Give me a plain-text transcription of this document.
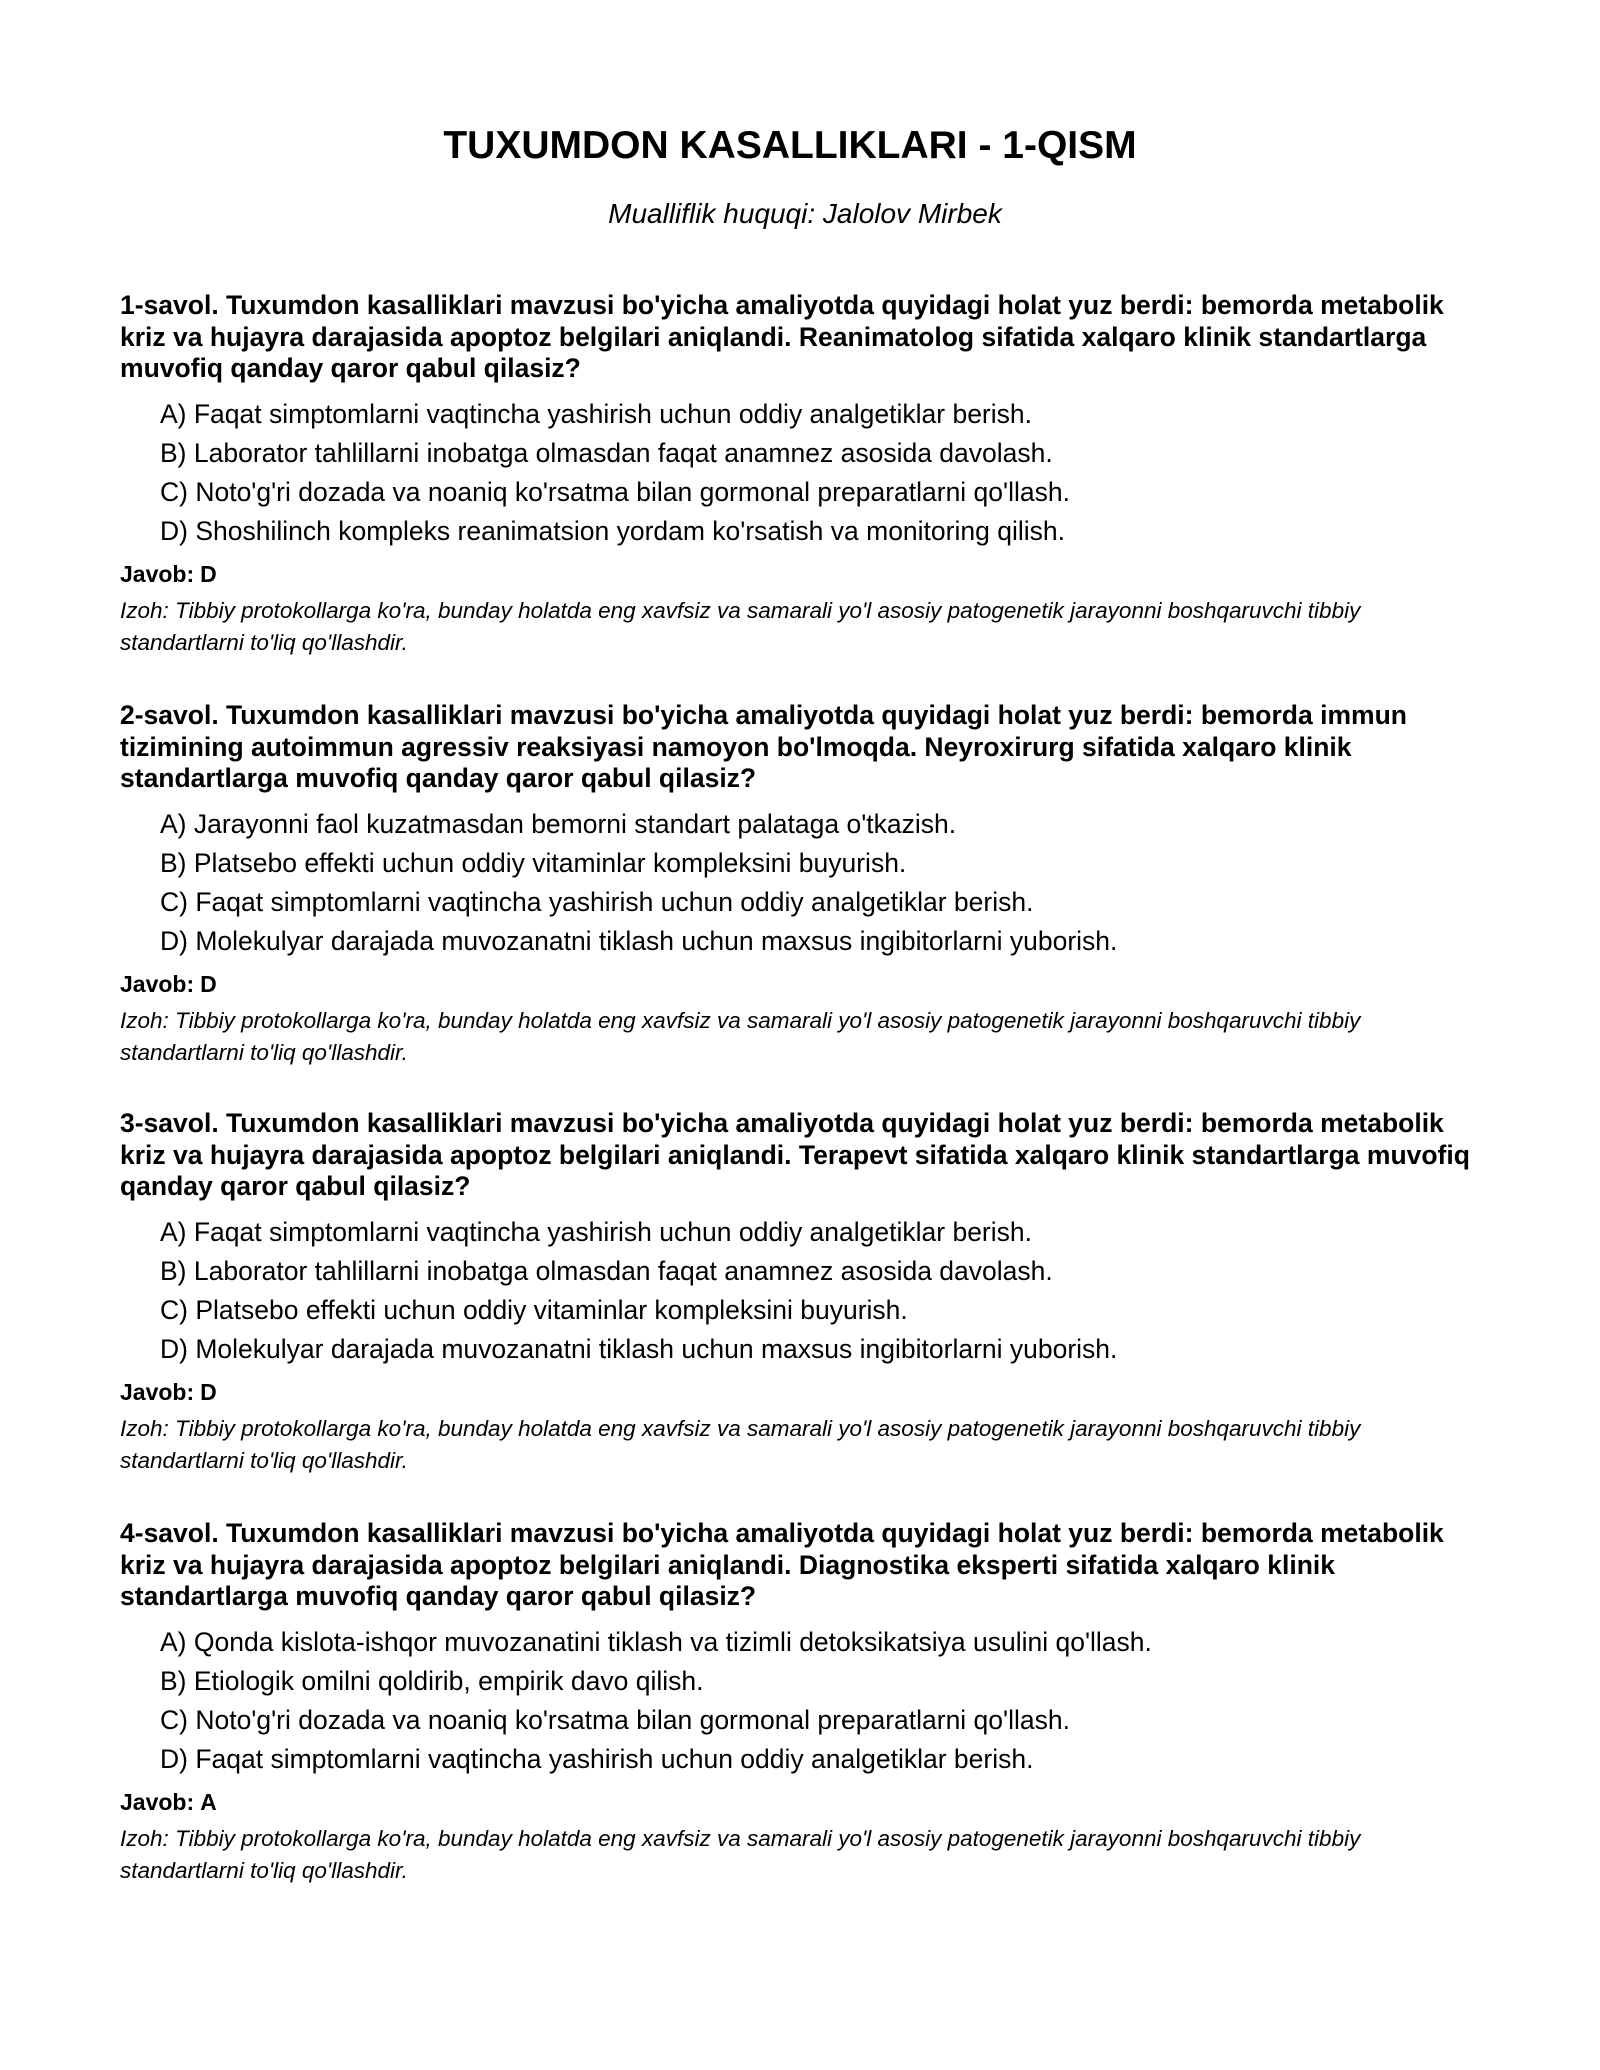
TUXUMDON KASALLIKLARI - 1-QISM
Mualliflik huquqi: Jalolov Mirbek

1-savol. Tuxumdon kasalliklari mavzusi bo'yicha amaliyotda quyidagi holat yuz berdi: bemorda metabolik kriz va hujayra darajasida apoptoz belgilari aniqlandi. Reanimatolog sifatida xalqaro klinik standartlarga muvofiq qanday qaror qabul qilasiz?

A) Faqat simptomlarni vaqtincha yashirish uchun oddiy analgetiklar berish.
B) Laborator tahlillarni inobatga olmasdan faqat anamnez asosida davolash.
C) Noto'g'ri dozada va noaniq ko'rsatma bilan gormonal preparatlarni qo'llash.
D) Shoshilinch kompleks reanimatsion yordam ko'rsatish va monitoring qilish.
Javob: D
Izoh: Tibbiy protokollarga ko'ra, bunday holatda eng xavfsiz va samarali yo'l asosiy patogenetik jarayonni boshqaruvchi tibbiy standartlarni to'liq qo'llashdir.

2-savol. Tuxumdon kasalliklari mavzusi bo'yicha amaliyotda quyidagi holat yuz berdi: bemorda immun tizimining autoimmun agressiv reaksiyasi namoyon bo'lmoqda. Neyroxirurg sifatida xalqaro klinik standartlarga muvofiq qanday qaror qabul qilasiz?

A) Jarayonni faol kuzatmasdan bemorni standart palataga o'tkazish.
B) Platsebo effekti uchun oddiy vitaminlar kompleksini buyurish.
C) Faqat simptomlarni vaqtincha yashirish uchun oddiy analgetiklar berish.
D) Molekulyar darajada muvozanatni tiklash uchun maxsus ingibitorlarni yuborish.
Javob: D
Izoh: Tibbiy protokollarga ko'ra, bunday holatda eng xavfsiz va samarali yo'l asosiy patogenetik jarayonni boshqaruvchi tibbiy standartlarni to'liq qo'llashdir.

3-savol. Tuxumdon kasalliklari mavzusi bo'yicha amaliyotda quyidagi holat yuz berdi: bemorda metabolik kriz va hujayra darajasida apoptoz belgilari aniqlandi. Terapevt sifatida xalqaro klinik standartlarga muvofiq qanday qaror qabul qilasiz?

A) Faqat simptomlarni vaqtincha yashirish uchun oddiy analgetiklar berish.
B) Laborator tahlillarni inobatga olmasdan faqat anamnez asosida davolash.
C) Platsebo effekti uchun oddiy vitaminlar kompleksini buyurish.
D) Molekulyar darajada muvozanatni tiklash uchun maxsus ingibitorlarni yuborish.
Javob: D
Izoh: Tibbiy protokollarga ko'ra, bunday holatda eng xavfsiz va samarali yo'l asosiy patogenetik jarayonni boshqaruvchi tibbiy standartlarni to'liq qo'llashdir.

4-savol. Tuxumdon kasalliklari mavzusi bo'yicha amaliyotda quyidagi holat yuz berdi: bemorda metabolik kriz va hujayra darajasida apoptoz belgilari aniqlandi. Diagnostika eksperti sifatida xalqaro klinik standartlarga muvofiq qanday qaror qabul qilasiz?

A) Qonda kislota-ishqor muvozanatini tiklash va tizimli detoksikatsiya usulini qo'llash.
B) Etiologik omilni qoldirib, empirik davo qilish.
C) Noto'g'ri dozada va noaniq ko'rsatma bilan gormonal preparatlarni qo'llash.
D) Faqat simptomlarni vaqtincha yashirish uchun oddiy analgetiklar berish.
Javob: A
Izoh: Tibbiy protokollarga ko'ra, bunday holatda eng xavfsiz va samarali yo'l asosiy patogenetik jarayonni boshqaruvchi tibbiy standartlarni to'liq qo'llashdir.
